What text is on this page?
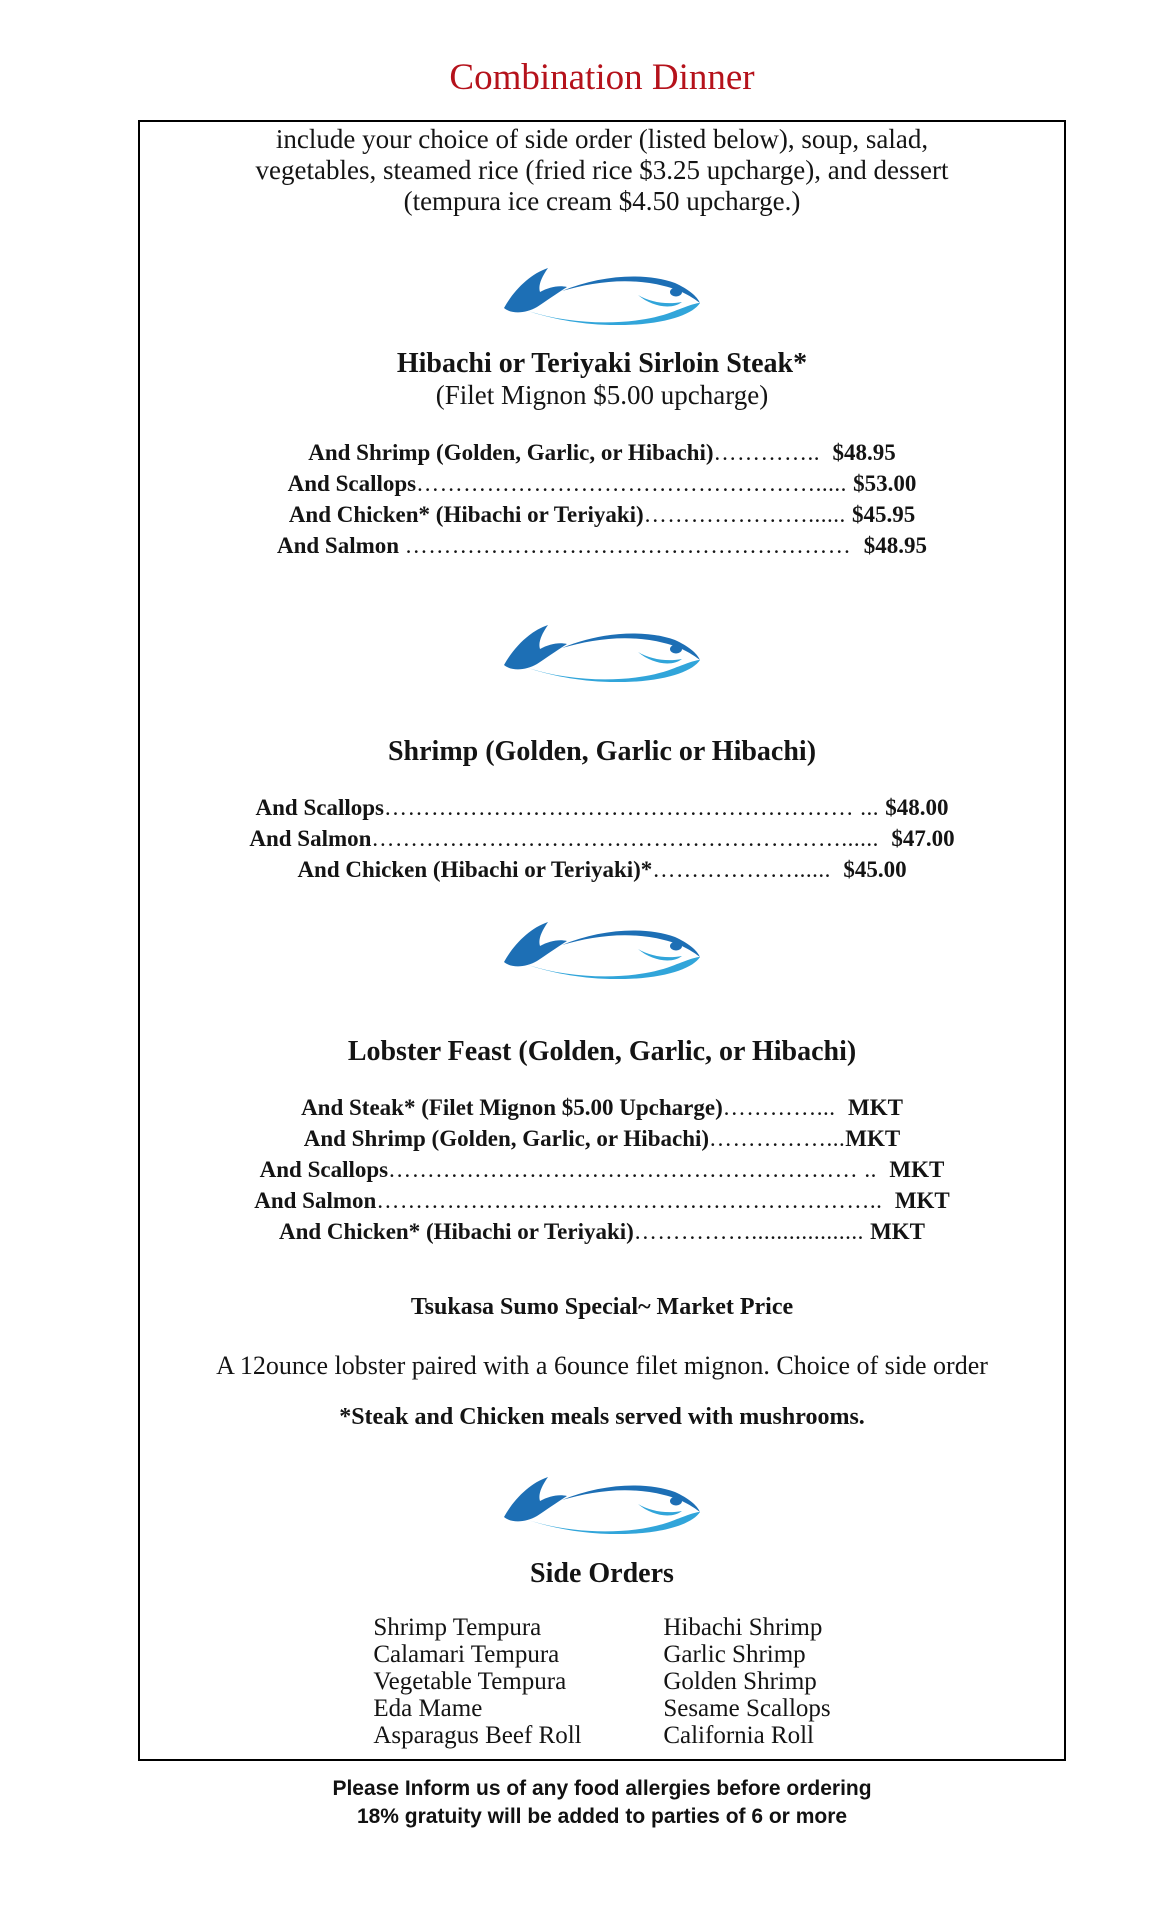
Combination Dinner
include your choice of side order (listed below), soup, salad,
vegetables, steamed rice (fried rice $3.25 upcharge), and dessert
(tempura ice cream $4.50 upcharge.)
Hibachi or Teriyaki Sirloin Steak*
(Filet Mignon $5.00 upcharge)
And Shrimp (Golden, Garlic, or Hibachi)…………..  $48.95
And Scallops……………………………………………..... $53.00
And Chicken* (Hibachi or Teriyaki)…………………...... $45.95
And Salmon …………………………………………………  $48.95
Shrimp (Golden, Garlic or Hibachi)
And Scallops…………………………………………………… ... $48.00
And Salmon……………………………………………………......  $47.00
And Chicken (Hibachi or Teriyaki)*………………......  $45.00
Lobster Feast (Golden, Garlic, or Hibachi)
And Steak* (Filet Mignon $5.00 Upcharge)…………...  MKT
And Shrimp (Golden, Garlic, or Hibachi)……………...MKT
And Scallops…………………………………………………… ..  MKT
And Salmon………………………………………………………..  MKT
And Chicken* (Hibachi or Teriyaki)…………….................. MKT
Tsukasa Sumo Special~ Market Price
A 12ounce lobster paired with a 6ounce filet mignon. Choice of side order
*Steak and Chicken meals served with mushrooms.
Side Orders
Shrimp Tempura
Calamari Tempura
Vegetable Tempura
Eda Mame
Asparagus Beef Roll
Hibachi Shrimp
Garlic Shrimp
Golden Shrimp
Sesame Scallops
California Roll
Please Inform us of any food allergies before ordering
18% gratuity will be added to parties of 6 or more
